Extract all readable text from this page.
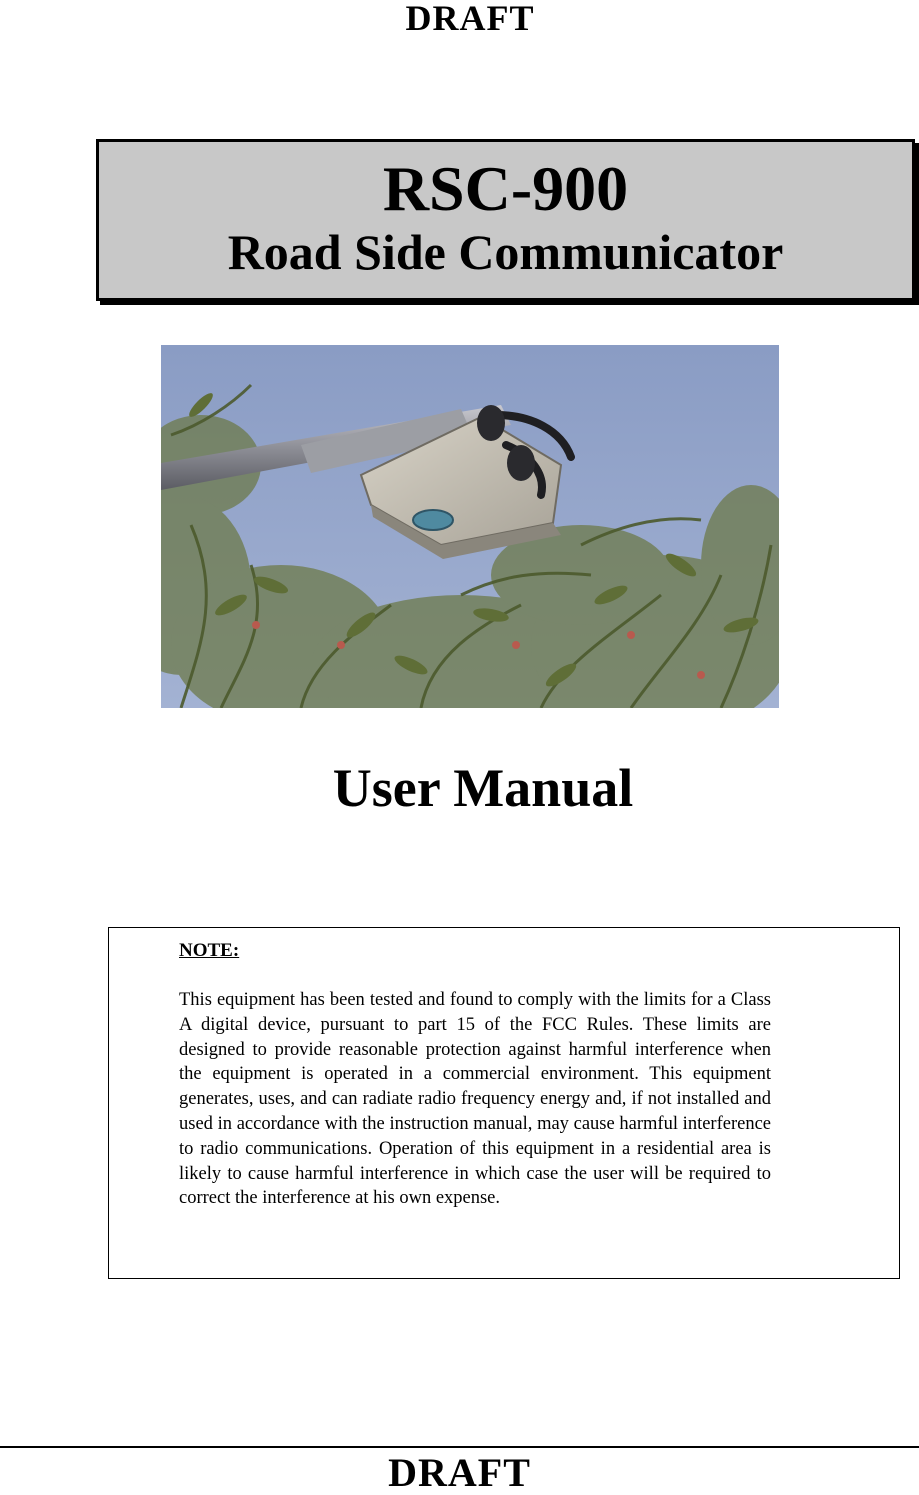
DRAFT
RSC-900
Road Side Communicator
User Manual
NOTE:
This equipment has been tested and found to comply with the limits for a Class A digital device, pursuant to part 15 of the FCC Rules. These limits are designed to provide reasonable protection against harmful interference when the equipment is operated in a commercial environment. This equipment generates, uses, and can radiate radio frequency energy and, if not installed and used in accordance with the instruction manual, may cause harmful interference to radio communications. Operation of this equipment in a residential area is likely to cause harmful interference in which case the user will be required to correct the interference at his own expense.
DRAFT
